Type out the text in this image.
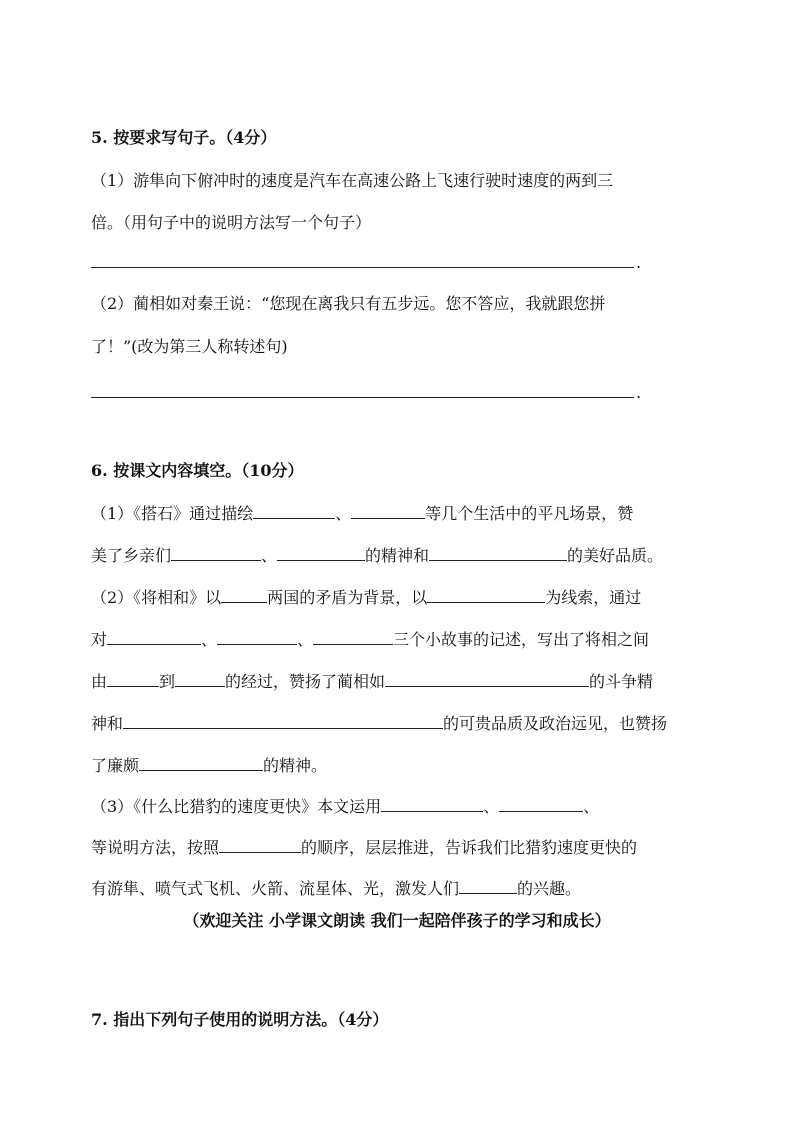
5. 按要求写句子。（4分）
（1）游隼向下俯冲时的速度是汽车在高速公路上飞速行驶时速度的两到三
倍。（用句子中的说明方法写一个句子）
.
（2）蔺相如对秦王说：“您现在离我只有五步远。您不答应，我就跟您拼
了！”(改为第三人称转述句)
.
6. 按课文内容填空。（10分）
（1）《搭石》通过描绘	、	等几个生活中的平凡场景，赞
美了乡亲们	、	的精神和	的美好品质。
（2）《将相和》以	两国的矛盾为背景，以	为线索，通过
对	、	、	三个小故事的记述，写出了将相之间
由	到	的经过，赞扬了蔺相如	的斗争精
神和	的可贵品质及政治远见，也赞扬
了廉颇	的精神。
（3）《什么比猎豹的速度更快》本文运用	、	、
等说明方法，按照	的顺序，层层推进，告诉我们比猎豹速度更快的
有游隼、喷气式飞机、火箭、流星体、光，激发人们	的兴趣。
（欢迎关注 小学课文朗读 我们一起陪伴孩子的学习和成长）
7. 指出下列句子使用的说明方法。（4分）
